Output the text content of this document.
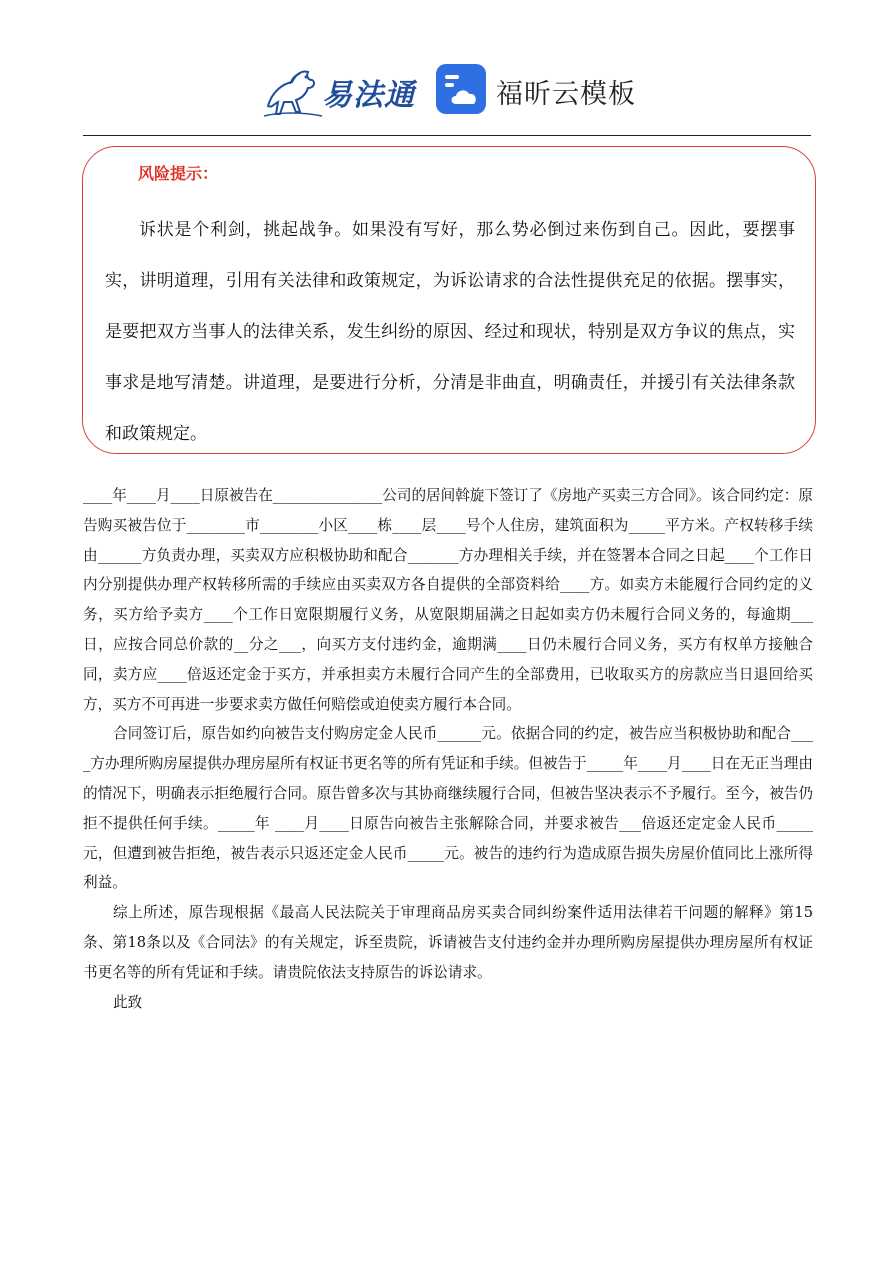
易法通	福昕云模板
风险提示：

诉状是个利剑，挑起战争。如果没有写好，那么势必倒过来伤到自己。因此，要摆事实，讲明道理，引用有关法律和政策规定，为诉讼请求的合法性提供充足的依据。摆事实，是要把双方当事人的法律关系，发生纠纷的原因、经过和现状，特别是双方争议的焦点，实事求是地写清楚。讲道理，是要进行分析，分清是非曲直，明确责任，并援引有关法律条款和政策规定。

____年____月____日原被告在_______________公司的居间斡旋下签订了《房地产买卖三方合同》。该合同约定：原告购买被告位于________市________小区____栋____层____号个人住房，建筑面积为_____平方米。产权转移手续由______方负责办理，买卖双方应积极协助和配合_______方办理相关手续，并在签署本合同之日起____个工作日内分别提供办理产权转移所需的手续应由买卖双方各自提供的全部资料给____方。如卖方未能履行合同约定的义务，买方给予卖方____个工作日宽限期履行义务，从宽限期届满之日起如卖方仍未履行合同义务的，每逾期___日，应按合同总价款的__分之___，向买方支付违约金，逾期满____日仍未履行合同义务，买方有权单方接触合同，卖方应____倍返还定金于买方，并承担卖方未履行合同产生的全部费用，已收取买方的房款应当日退回给买方，买方不可再进一步要求卖方做任何赔偿或迫使卖方履行本合同。

合同签订后，原告如约向被告支付购房定金人民币______元。依据合同的约定，被告应当积极协助和配合____方办理所购房屋提供办理房屋所有权证书更名等的所有凭证和手续。但被告于_____年____月____日在无正当理由的情况下，明确表示拒绝履行合同。原告曾多次与其协商继续履行合同，但被告坚决表示不予履行。至今，被告仍拒不提供任何手续。_____年 ____月____日原告向被告主张解除合同，并要求被告___倍返还定定金人民币_____元，但遭到被告拒绝，被告表示只返还定金人民币_____元。被告的违约行为造成原告损失房屋价值同比上涨所得利益。

综上所述，原告现根据《最高人民法院关于审理商品房买卖合同纠纷案件适用法律若干问题的解释》第15条、第18条以及《合同法》的有关规定，诉至贵院，诉请被告支付违约金并办理所购房屋提供办理房屋所有权证书更名等的所有凭证和手续。请贵院依法支持原告的诉讼请求。

此致
